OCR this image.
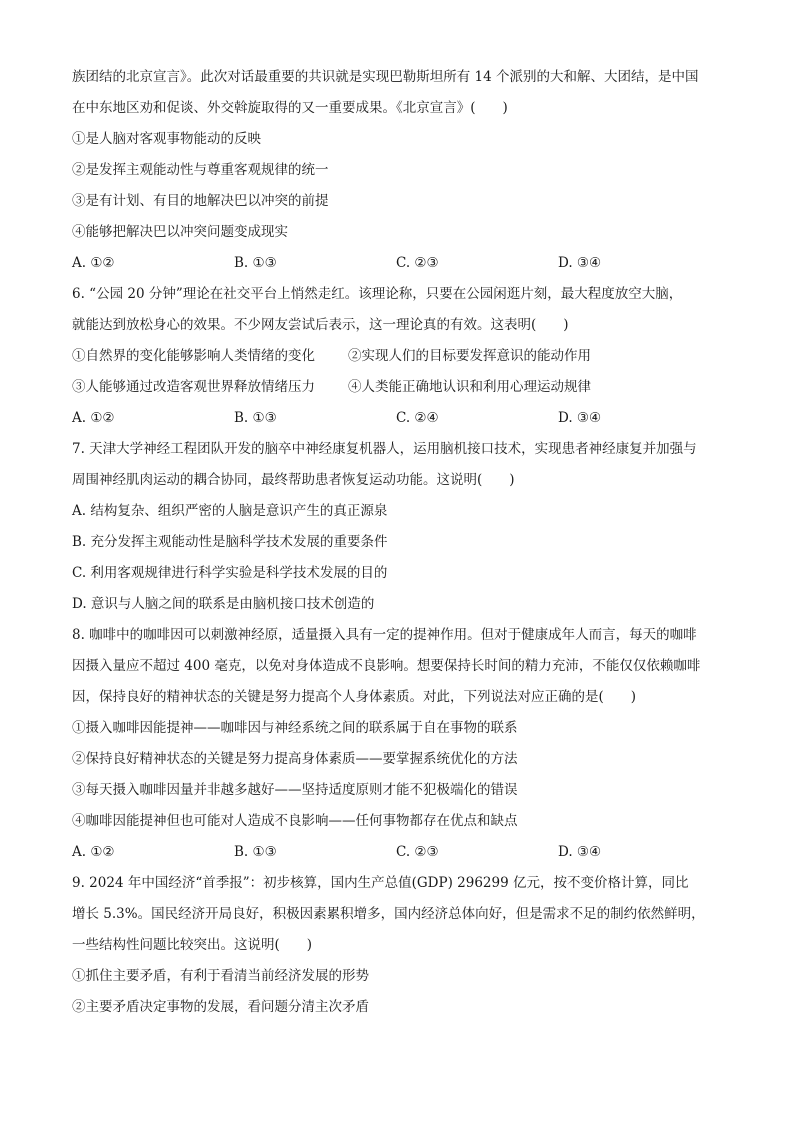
族团结的北京宣言》。此次对话最重要的共识就是实现巴勒斯坦所有 14 个派别的大和解、大团结，是中国
在中东地区劝和促谈、外交斡旋取得的又一重要成果。《北京宣言》(　　)
①是人脑对客观事物能动的反映
②是发挥主观能动性与尊重客观规律的统一
③是有计划、有目的地解决巴以冲突的前提
④能够把解决巴以冲突问题变成现实
A. ①②	B. ①③	C. ②③	D. ③④
6. “公园 20 分钟”理论在社交平台上悄然走红。该理论称，只要在公园闲逛片刻，最大程度放空大脑，
就能达到放松身心的效果。不少网友尝试后表示，这一理论真的有效。这表明(　　)
①自然界的变化能够影响人类情绪的变化	②实现人们的目标要发挥意识的能动作用
③人能够通过改造客观世界释放情绪压力	④人类能正确地认识和利用心理运动规律
A. ①②	B. ①③	C. ②④	D. ③④
7. 天津大学神经工程团队开发的脑卒中神经康复机器人，运用脑机接口技术，实现患者神经康复并加强与
周围神经肌肉运动的耦合协同，最终帮助患者恢复运动功能。这说明(　　)
A. 结构复杂、组织严密的人脑是意识产生的真正源泉
B. 充分发挥主观能动性是脑科学技术发展的重要条件
C. 利用客观规律进行科学实验是科学技术发展的目的
D. 意识与人脑之间的联系是由脑机接口技术创造的
8. 咖啡中的咖啡因可以刺激神经原，适量摄入具有一定的提神作用。但对于健康成年人而言，每天的咖啡
因摄入量应不超过 400 毫克，以免对身体造成不良影响。想要保持长时间的精力充沛，不能仅仅依赖咖啡
因，保持良好的精神状态的关键是努力提高个人身体素质。对此，下列说法对应正确的是(　　)
①摄入咖啡因能提神——咖啡因与神经系统之间的联系属于自在事物的联系
②保持良好精神状态的关键是努力提高身体素质——要掌握系统优化的方法
③每天摄入咖啡因量并非越多越好——坚持适度原则才能不犯极端化的错误
④咖啡因能提神但也可能对人造成不良影响——任何事物都存在优点和缺点
A. ①②	B. ①③	C. ②③	D. ③④
9. 2024 年中国经济“首季报”：初步核算，国内生产总值(GDP) 296299 亿元，按不变价格计算，同比
增长 5.3%。国民经济开局良好，积极因素累积增多，国内经济总体向好，但是需求不足的制约依然鲜明，
一些结构性问题比较突出。这说明(　　)
①抓住主要矛盾，有利于看清当前经济发展的形势
②主要矛盾决定事物的发展，看问题分清主次矛盾
